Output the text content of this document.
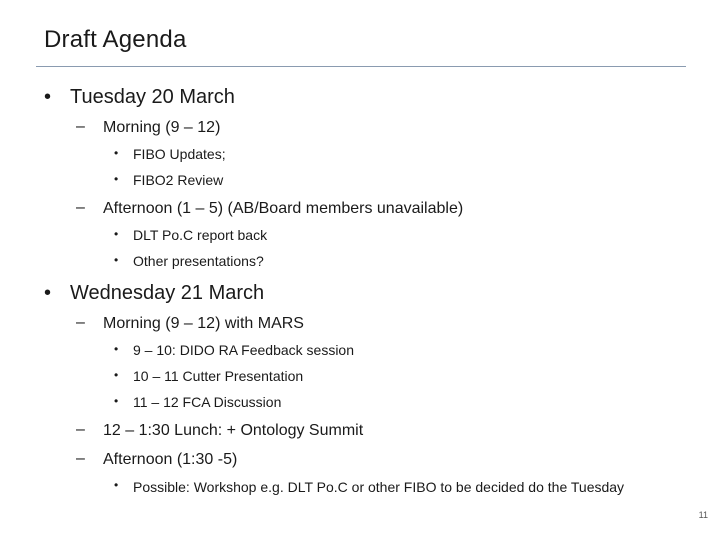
Draft Agenda
• Tuesday 20 March
– Morning (9 – 12)
• FIBO Updates;
• FIBO2 Review
– Afternoon (1 – 5) (AB/Board members unavailable)
• DLT Po.C report back
• Other presentations?
• Wednesday 21 March
– Morning (9 – 12) with MARS
• 9 – 10: DIDO RA Feedback session
• 10 – 11 Cutter Presentation
• 11 – 12 FCA Discussion
– 12 – 1:30 Lunch: + Ontology Summit
– Afternoon (1:30 -5)
• Possible: Workshop e.g. DLT Po.C or other FIBO to be decided do the Tuesday
11
